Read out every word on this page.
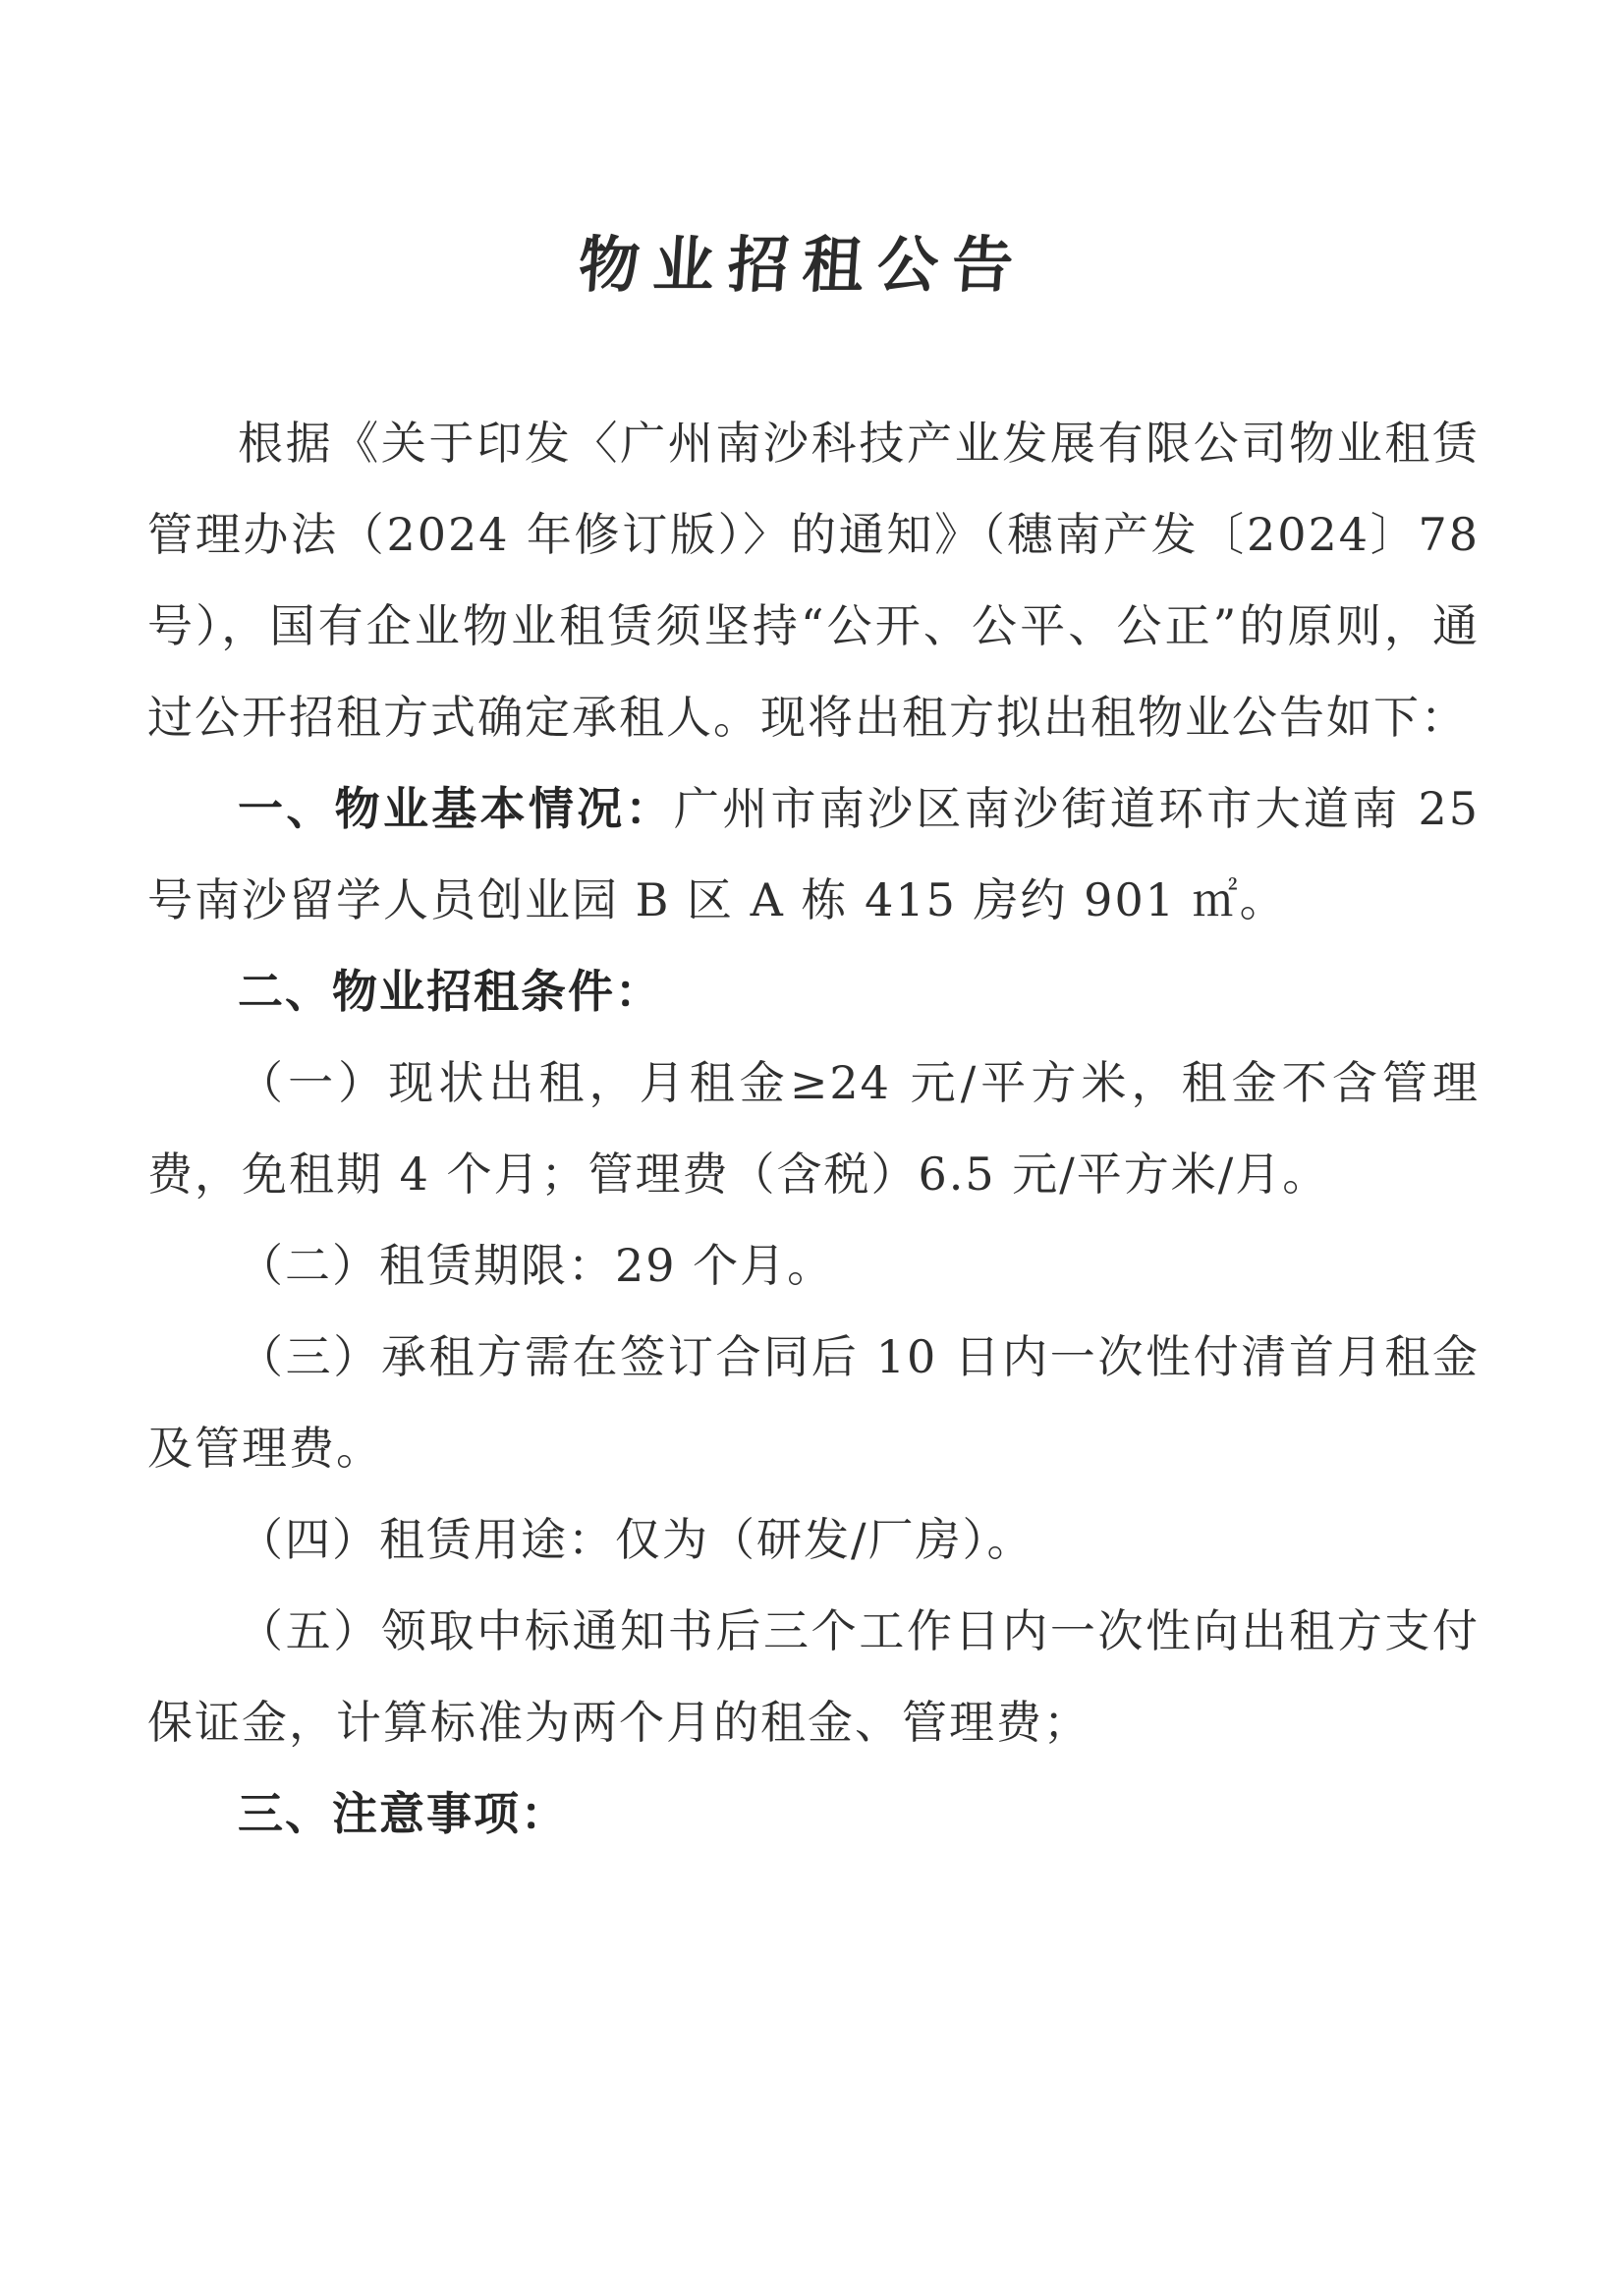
物业招租公告

根据《关于印发〈广州南沙科技产业发展有限公司物业租赁管理办法（2024 年修订版）〉的通知》（穗南产发〔2024〕78 号），国有企业物业租赁须坚持“公开、公平、公正”的原则，通过公开招租方式确定承租人。现将出租方拟出租物业公告如下：

一、物业基本情况：广州市南沙区南沙街道环市大道南 25 号南沙留学人员创业园 B 区 A 栋 415 房约 901 ㎡。

二、物业招租条件：

（一）现状出租，月租金≥24 元/平方米，租金不含管理费，免租期 4 个月；管理费（含税）6.5 元/平方米/月。

（二）租赁期限：29 个月。

（三）承租方需在签订合同后 10 日内一次性付清首月租金及管理费。

（四）租赁用途：仅为（研发/厂房）。

（五）领取中标通知书后三个工作日内一次性向出租方支付保证金，计算标准为两个月的租金、管理费；

三、注意事项：
